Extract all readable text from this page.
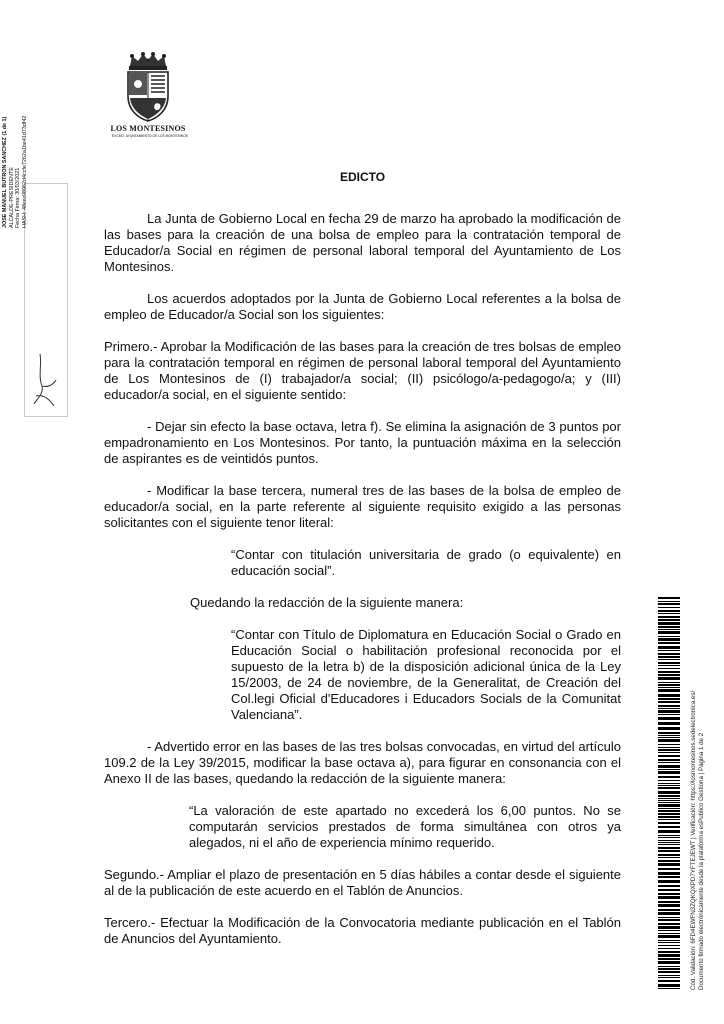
LOS MONTESINOS
EXCMO. AYUNTAMIENTO DE LOS MONTESINOS
JOSE MANUEL BUTRON SANCHEZ (1 de 1) ALCALDE-PRESIDENTE Fecha Firma: 30/03/2021 HASH: 48ccc08962d4ccfe7262a1be41d73df42	EDICTO

La Junta de Gobierno Local en fecha 29 de marzo ha aprobado la modificación de las bases para la creación de una bolsa de empleo para la contratación temporal de Educador/a Social en régimen de personal laboral temporal del Ayuntamiento de Los Montesinos.

Los acuerdos adoptados por la Junta de Gobierno Local referentes a la bolsa de empleo de Educador/a Social son los siguientes:

Primero.- Aprobar la Modificación de las bases para la creación de tres bolsas de empleo para la contratación temporal en régimen de personal laboral temporal del Ayuntamiento de Los Montesinos de (I) trabajador/a social; (II) psicólogo/a-pedagogo/a; y (III) educador/a social, en el siguiente sentido:

- Dejar sin efecto la base octava, letra f). Se elimina la asignación de 3 puntos por empadronamiento en Los Montesinos. Por tanto, la puntuación máxima en la selección de aspirantes es de veintidós puntos.

- Modificar la base tercera, numeral tres de las bases de la bolsa de empleo de educador/a social, en la parte referente al siguiente requisito exigido a las personas solicitantes con el siguiente tenor literal:

“Contar con titulación universitaria de grado (o equivalente) en educación social”.

Quedando la redacción de la siguiente manera:

“Contar con Título de Diplomatura en Educación Social o Grado en Educación Social o habilitación profesional reconocida por el supuesto de la letra b) de la disposición adicional única de la Ley 15/2003, de 24 de noviembre, de la Generalitat, de Creación del Col.legi Oficial d'Educadores i Educadors Socials de la Comunitat Valenciana”.

- Advertido error en las bases de las tres bolsas convocadas, en virtud del artículo 109.2 de la Ley 39/2015, modificar la base octava a), para figurar en consonancia con el Anexo II de las bases, quedando la redacción de la siguiente manera:

“La valoración de este apartado no excederá los 6,00 puntos. No se computarán servicios prestados de forma simultánea con otros ya alegados, ni el año de experiencia mínimo requerido.

Segundo.- Ampliar el plazo de presentación en 5 días hábiles a contar desde el siguiente al de la publicación de este acuerdo en el Tablón de Anuncios.

Tercero.- Efectuar la Modificación de la Convocatoria mediante publicación en el Tablón de Anuncios del Ayuntamiento.	Cód. Validación: 6FD4EWFN3ZQKQXPD7YFTEJEWT | Verificación: https://losmontesinos.sedelectronica.es/ Documento firmado electrónicamente desde la plataforma esPublico Gestiona | Página 1 de 2
